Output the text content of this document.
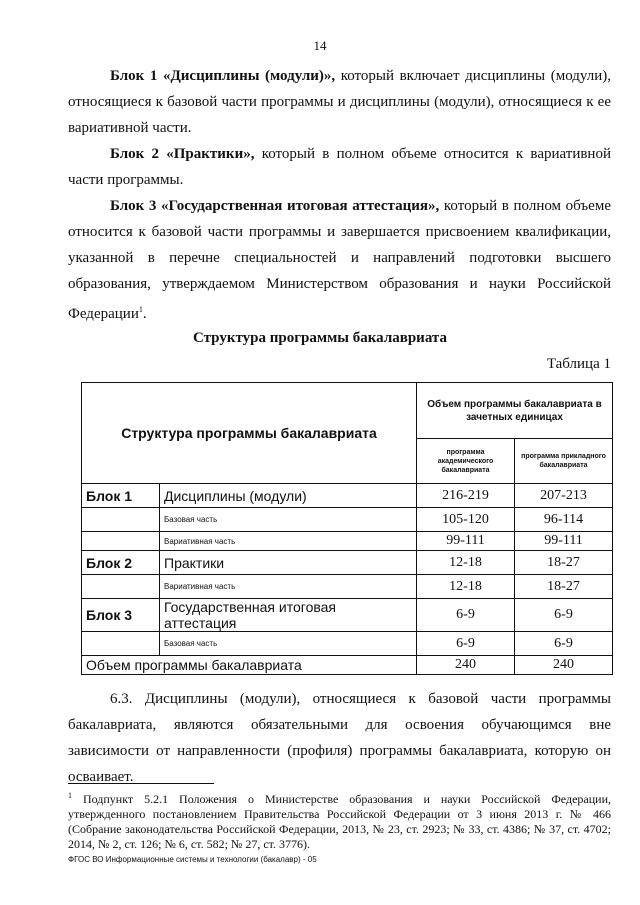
14

Блок 1 «Дисциплины (модули)», который включает дисциплины (модули), относящиеся к базовой части программы и дисциплины (модули), относящиеся к ее вариативной части.

Блок 2 «Практики», который в полном объеме относится к вариативной части программы.

Блок 3 «Государственная итоговая аттестация», который в полном объеме относится к базовой части программы и завершается присвоением квалификации, указанной в перечне специальностей и направлений подготовки высшего образования, утверждаемом Министерством образования и науки Российской Федерации$^1$.

Структура программы бакалавриата
Таблица 1
Структура программы бакалавриата		Объем программы бакалавриата в зачетных единицах	
		программа академического бакалавриата	программа прикладного бакалавриата
Блок 1	Дисциплины (модули)	216-219	207-213
	Базовая часть	105-120	96-114
	Вариативная часть	99-111	99-111
Блок 2	Практики	12-18	18-27
	Вариативная часть	12-18	18-27
Блок 3	Государственная итоговая аттестация	6-9	6-9
	Базовая часть	6-9	6-9
Объем программы бакалавриата		240	240

6.3. Дисциплины (модули), относящиеся к базовой части программы бакалавриата, являются обязательными для освоения обучающимся вне зависимости от направленности (профиля) программы бакалавриата, которую он осваивает.

$^1$ Подпункт 5.2.1 Положения о Министерстве образования и науки Российской Федерации, утвержденного постановлением Правительства Российской Федерации от 3 июня 2013 г. № 466 (Собрание законодательства Российской Федерации, 2013, № 23, ст. 2923; № 33, ст. 4386; № 37, ст. 4702; 2014, № 2, ст. 126; № 6, ст. 582; № 27, ст. 3776).

ФГОС ВО Информационные системы и технологии (бакалавр) - 05
